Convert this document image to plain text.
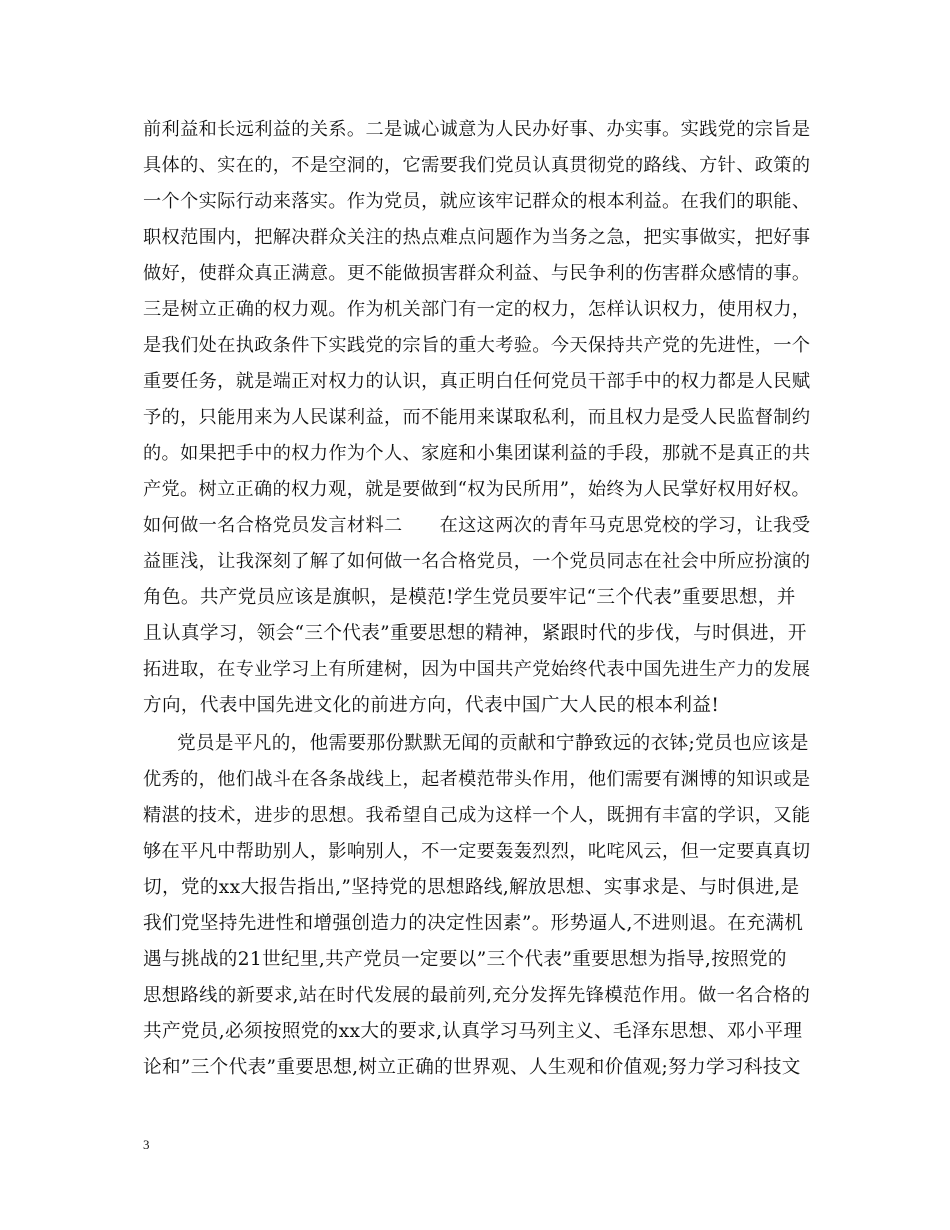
前利益和长远利益的关系。二是诚心诚意为人民办好事、办实事。实践党的宗旨是
具体的、实在的，不是空洞的，它需要我们党员认真贯彻党的路线、方针、政策的
一个个实际行动来落实。作为党员，就应该牢记群众的根本利益。在我们的职能、
职权范围内，把解决群众关注的热点难点问题作为当务之急，把实事做实，把好事
做好，使群众真正满意。更不能做损害群众利益、与民争利的伤害群众感情的事。
三是树立正确的权力观。作为机关部门有一定的权力，怎样认识权力，使用权力，
是我们处在执政条件下实践党的宗旨的重大考验。今天保持共产党的先进性，一个
重要任务，就是端正对权力的认识，真正明白任何党员干部手中的权力都是人民赋
予的，只能用来为人民谋利益，而不能用来谋取私利，而且权力是受人民监督制约
的。如果把手中的权力作为个人、家庭和小集团谋利益的手段，那就不是真正的共
产党。树立正确的权力观，就是要做到“权为民所用”，始终为人民掌好权用好权。
如何做一名合格党员发言材料二　　在这这两次的青年马克思党校的学习，让我受
益匪浅，让我深刻了解了如何做一名合格党员，一个党员同志在社会中所应扮演的
角色。共产党员应该是旗帜，是模范!学生党员要牢记“三个代表”重要思想，并
且认真学习，领会“三个代表”重要思想的精神，紧跟时代的步伐，与时俱进，开
拓进取，在专业学习上有所建树，因为中国共产党始终代表中国先进生产力的发展
方向，代表中国先进文化的前进方向，代表中国广大人民的根本利益!
党员是平凡的，他需要那份默默无闻的贡献和宁静致远的衣钵;党员也应该是
优秀的，他们战斗在各条战线上，起者模范带头作用，他们需要有渊博的知识或是
精湛的技术，进步的思想。我希望自己成为这样一个人，既拥有丰富的学识，又能
够在平凡中帮助别人，影响别人，不一定要轰轰烈烈，叱咤风云，但一定要真真切
切，党的xx大报告指出,”坚持党的思想路线,解放思想、实事求是、与时俱进,是
我们党坚持先进性和增强创造力的决定性因素”。形势逼人,不进则退。在充满机
遇与挑战的21世纪里,共产党员一定要以”三个代表”重要思想为指导,按照党的
思想路线的新要求,站在时代发展的最前列,充分发挥先锋模范作用。做一名合格的
共产党员,必须按照党的xx大的要求,认真学习马列主义、毛泽东思想、邓小平理
论和”三个代表”重要思想,树立正确的世界观、人生观和价值观;努力学习科技文
3
